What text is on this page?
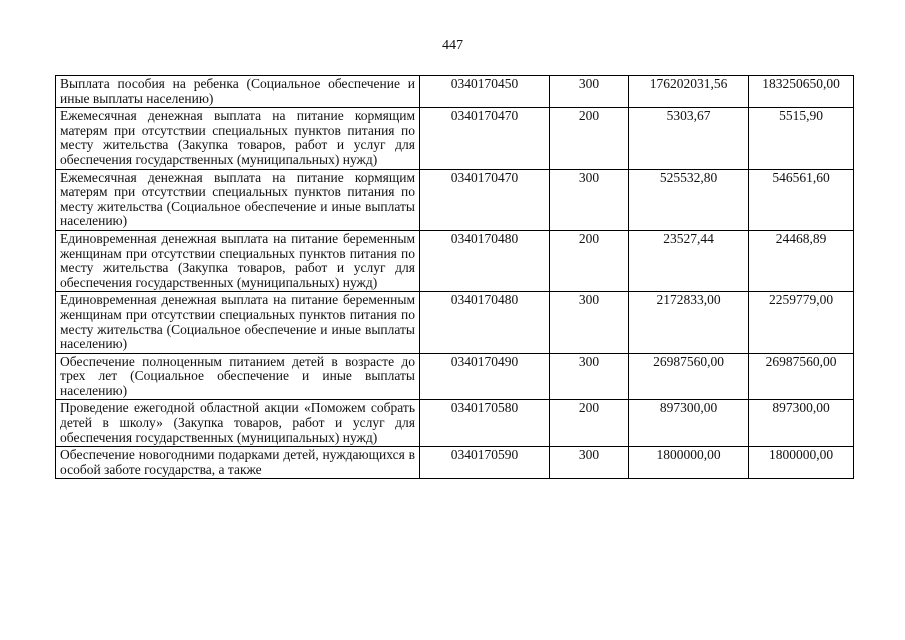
447
Выплата пособия на ребенка (Социальное обеспечение и иные выплаты населению)	0340170450	300	176202031,56	183250650,00
Ежемесячная денежная выплата на питание кормящим матерям при отсутствии специальных пунктов питания по месту жительства (Закупка товаров, работ и услуг для обеспечения государственных (муниципальных) нужд)	0340170470	200	5303,67	5515,90
Ежемесячная денежная выплата на питание кормящим матерям при отсутствии специальных пунктов питания по месту жительства (Социальное обеспечение и иные выплаты населению)	0340170470	300	525532,80	546561,60
Единовременная денежная выплата на питание беременным женщинам при отсутствии специальных пунктов питания по месту жительства (Закупка товаров, работ и услуг для обеспечения государственных (муниципальных) нужд)	0340170480	200	23527,44	24468,89
Единовременная денежная выплата на питание беременным женщинам при отсутствии специальных пунктов питания по месту жительства (Социальное обеспечение и иные выплаты населению)	0340170480	300	2172833,00	2259779,00
Обеспечение полноценным питанием детей в возрасте до трех лет (Социальное обеспечение и иные выплаты населению)	0340170490	300	26987560,00	26987560,00
Проведение ежегодной областной акции «Поможем собрать детей в школу» (Закупка товаров, работ и услуг для обеспечения государственных (муниципальных) нужд)	0340170580	200	897300,00	897300,00
Обеспечение новогодними подарками детей, нуждающихся в особой заботе государства, а также	0340170590	300	1800000,00	1800000,00
